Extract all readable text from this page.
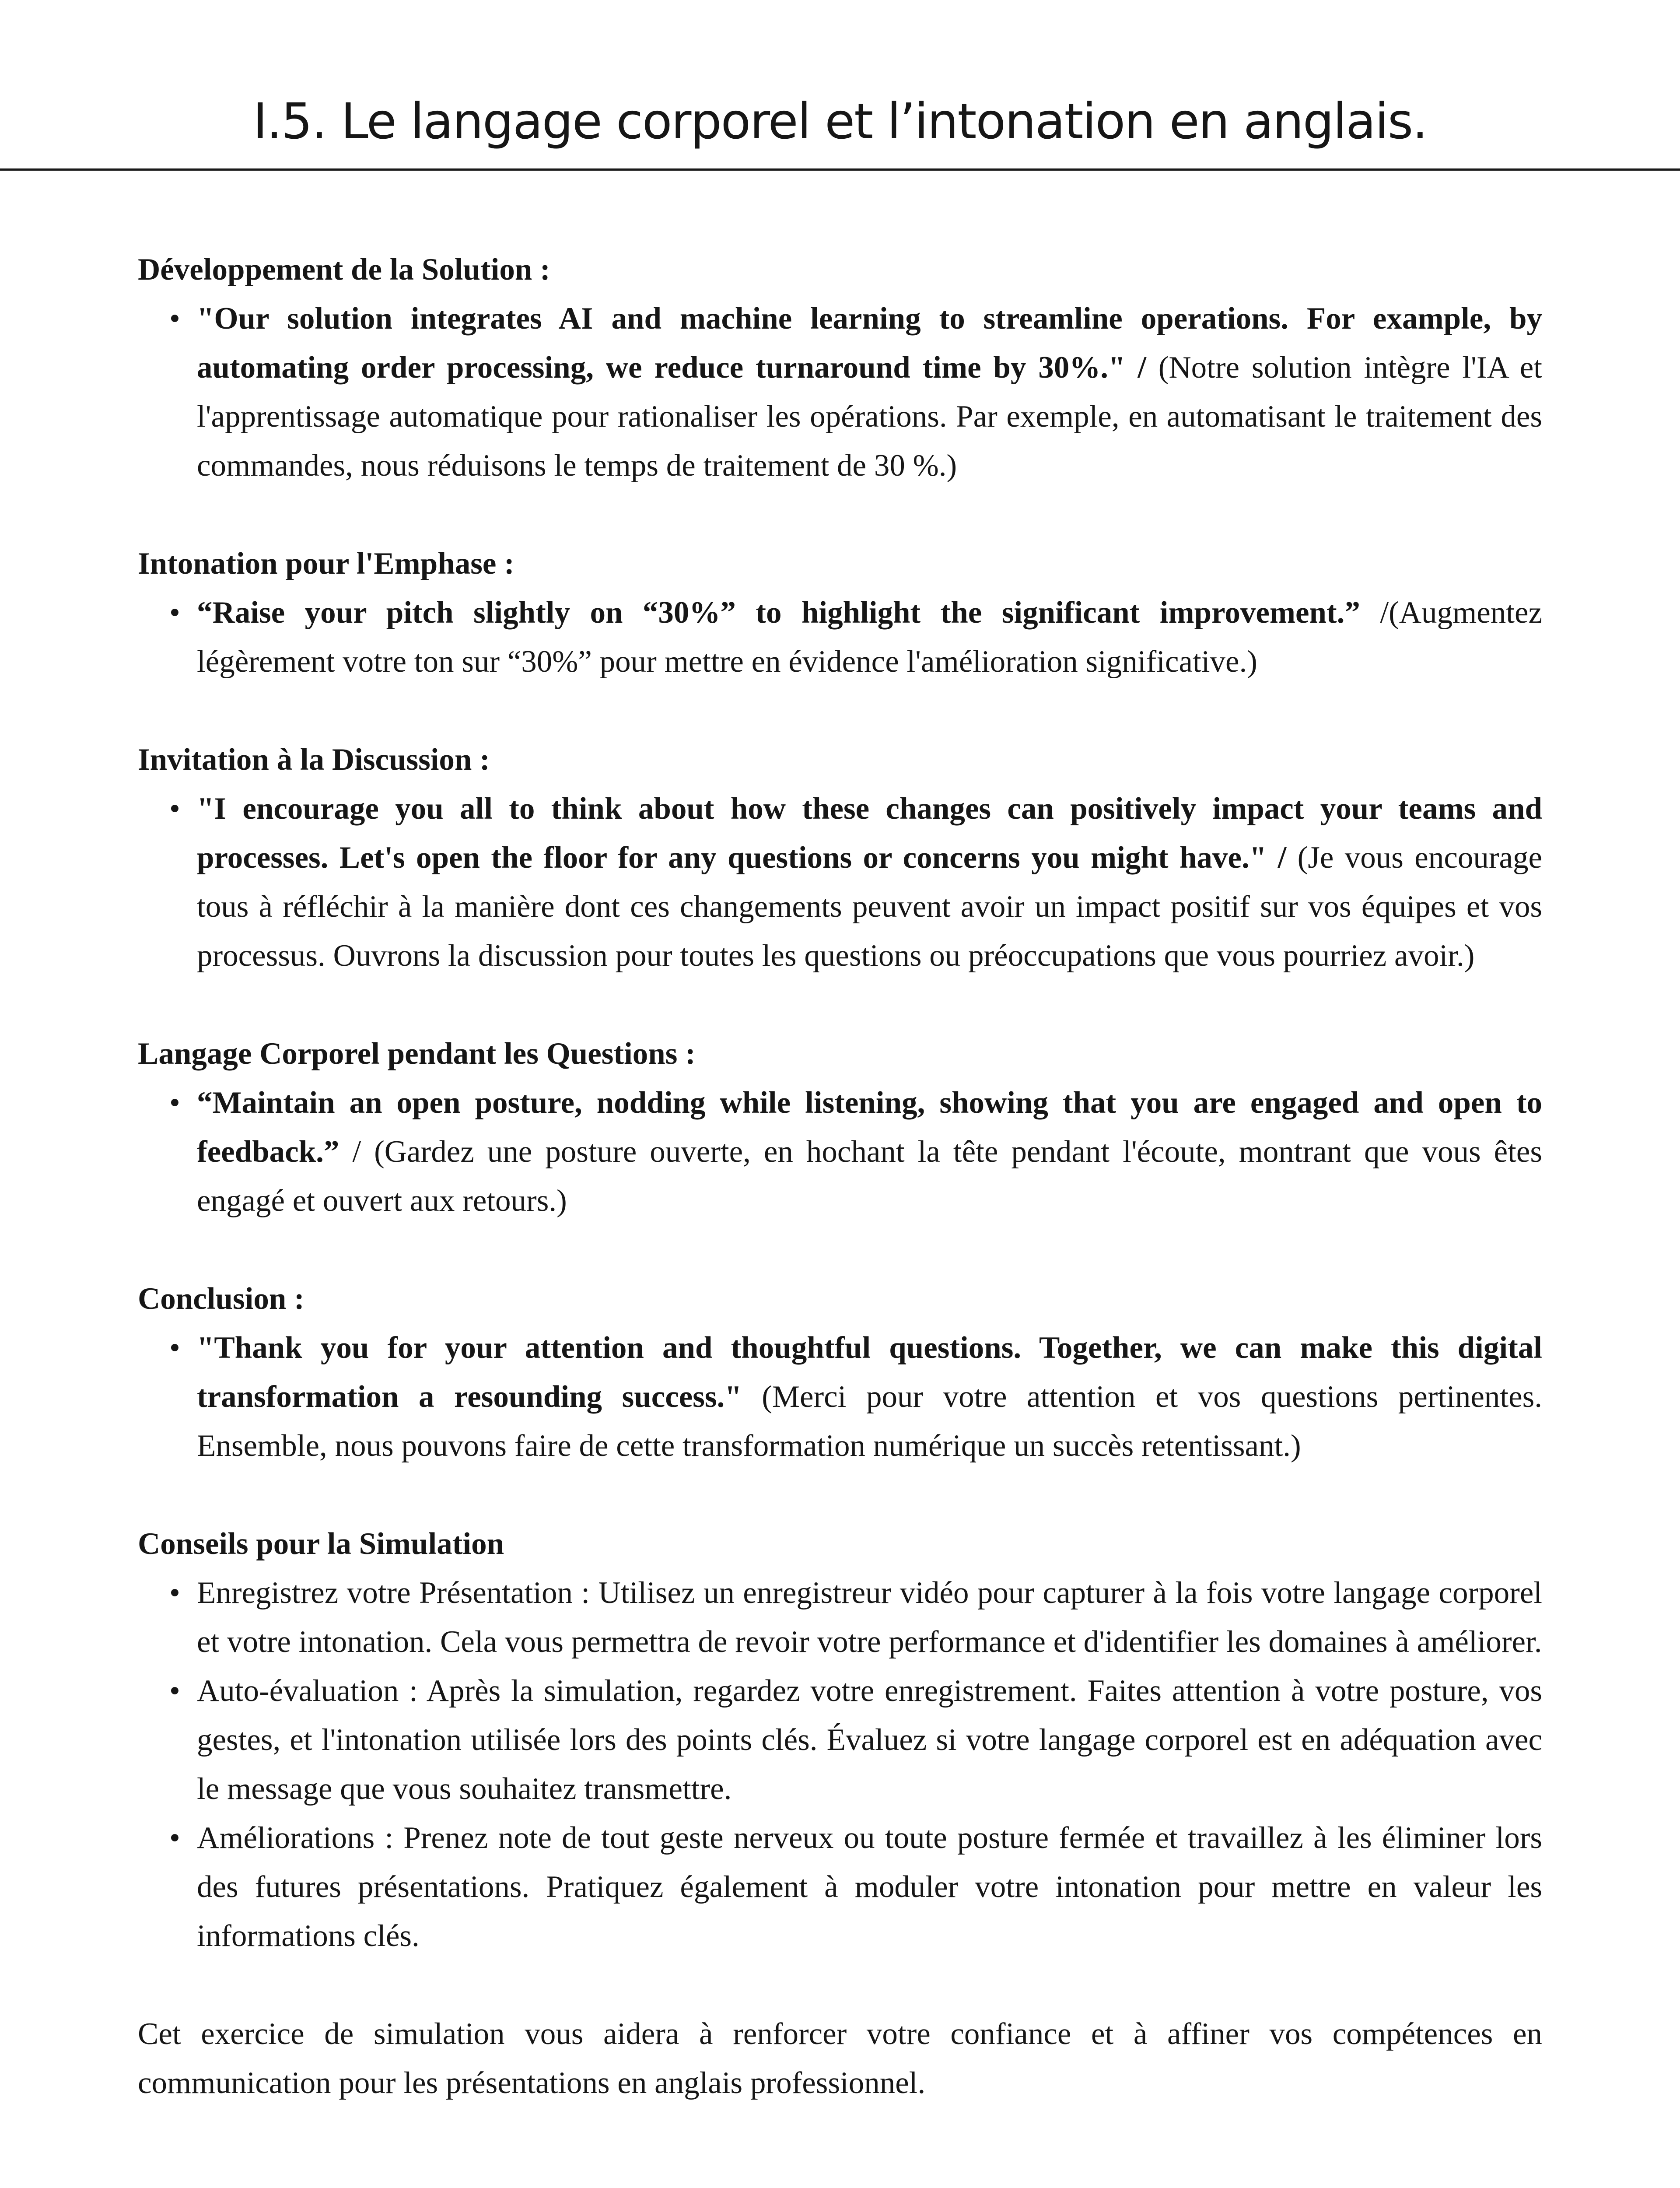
I.5. Le langage corporel et l’intonation en anglais.

Développement de la Solution :

• "Our solution integrates AI and machine learning to streamline operations. For example, by automating order processing, we reduce turnaround time by 30%." / (Notre solution intègre l'IA et l'apprentissage automatique pour rationaliser les opérations. Par exemple, en automatisant le traitement des commandes, nous réduisons le temps de traitement de 30 %.)

Intonation pour l'Emphase :

• “Raise your pitch slightly on “30%” to highlight the significant improvement.” /(Augmentez légèrement votre ton sur “30%” pour mettre en évidence l'amélioration significative.)

Invitation à la Discussion :

• "I encourage you all to think about how these changes can positively impact your teams and processes. Let's open the floor for any questions or concerns you might have." / (Je vous encourage tous à réfléchir à la manière dont ces changements peuvent avoir un impact positif sur vos équipes et vos processus. Ouvrons la discussion pour toutes les questions ou préoccupations que vous pourriez avoir.)

Langage Corporel pendant les Questions :

• “Maintain an open posture, nodding while listening, showing that you are engaged and open to feedback.” / (Gardez une posture ouverte, en hochant la tête pendant l'écoute, montrant que vous êtes engagé et ouvert aux retours.)

Conclusion :

• "Thank you for your attention and thoughtful questions. Together, we can make this digital transformation a resounding success." (Merci pour votre attention et vos questions pertinentes. Ensemble, nous pouvons faire de cette transformation numérique un succès retentissant.)

Conseils pour la Simulation

• Enregistrez votre Présentation : Utilisez un enregistreur vidéo pour capturer à la fois votre langage corporel et votre intonation. Cela vous permettra de revoir votre performance et d'identifier les domaines à améliorer.
• Auto-évaluation : Après la simulation, regardez votre enregistrement. Faites attention à votre posture, vos gestes, et l'intonation utilisée lors des points clés. Évaluez si votre langage corporel est en adéquation avec le message que vous souhaitez transmettre.
• Améliorations : Prenez note de tout geste nerveux ou toute posture fermée et travaillez à les éliminer lors des futures présentations. Pratiquez également à moduler votre intonation pour mettre en valeur les informations clés.

Cet exercice de simulation vous aidera à renforcer votre confiance et à affiner vos compétences en communication pour les présentations en anglais professionnel.
